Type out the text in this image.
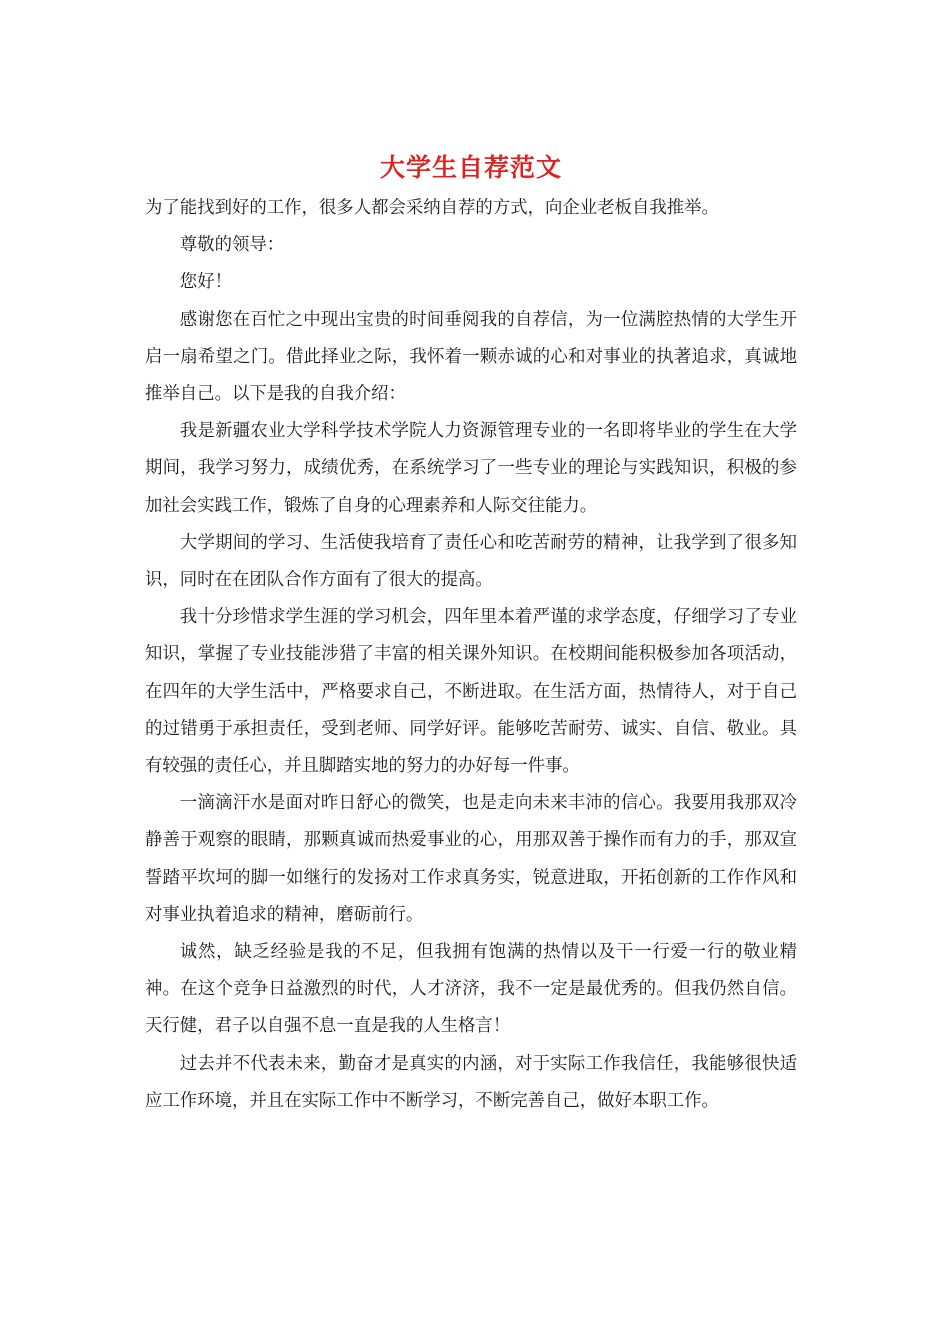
大学生自荐范文

为了能找到好的工作，很多人都会采纳自荐的方式，向企业老板自我推举。

尊敬的领导：

您好！

感谢您在百忙之中现出宝贵的时间垂阅我的自荐信，为一位满腔热情的大学生开启一扇希望之门。借此择业之际，我怀着一颗赤诚的心和对事业的执著追求，真诚地推举自己。以下是我的自我介绍：

我是新疆农业大学科学技术学院人力资源管理专业的一名即将毕业的学生在大学期间，我学习努力，成绩优秀，在系统学习了一些专业的理论与实践知识，积极的参加社会实践工作，锻炼了自身的心理素养和人际交往能力。

大学期间的学习、生活使我培育了责任心和吃苦耐劳的精神，让我学到了很多知识，同时在在团队合作方面有了很大的提高。

我十分珍惜求学生涯的学习机会，四年里本着严谨的求学态度，仔细学习了专业知识，掌握了专业技能涉猎了丰富的相关课外知识。在校期间能积极参加各项活动，在四年的大学生活中，严格要求自己，不断进取。在生活方面，热情待人，对于自己的过错勇于承担责任，受到老师、同学好评。能够吃苦耐劳、诚实、自信、敬业。具有较强的责任心，并且脚踏实地的努力的办好每一件事。

一滴滴汗水是面对昨日舒心的微笑，也是走向未来丰沛的信心。我要用我那双冷静善于观察的眼睛，那颗真诚而热爱事业的心，用那双善于操作而有力的手，那双宣誓踏平坎坷的脚一如继行的发扬对工作求真务实，锐意进取，开拓创新的工作作风和对事业执着追求的精神，磨砺前行。

诚然，缺乏经验是我的不足，但我拥有饱满的热情以及干一行爱一行的敬业精神。在这个竞争日益激烈的时代，人才济济，我不一定是最优秀的。但我仍然自信。天行健，君子以自强不息一直是我的人生格言！

过去并不代表未来，勤奋才是真实的内涵，对于实际工作我信任，我能够很快适应工作环境，并且在实际工作中不断学习，不断完善自己，做好本职工作。
